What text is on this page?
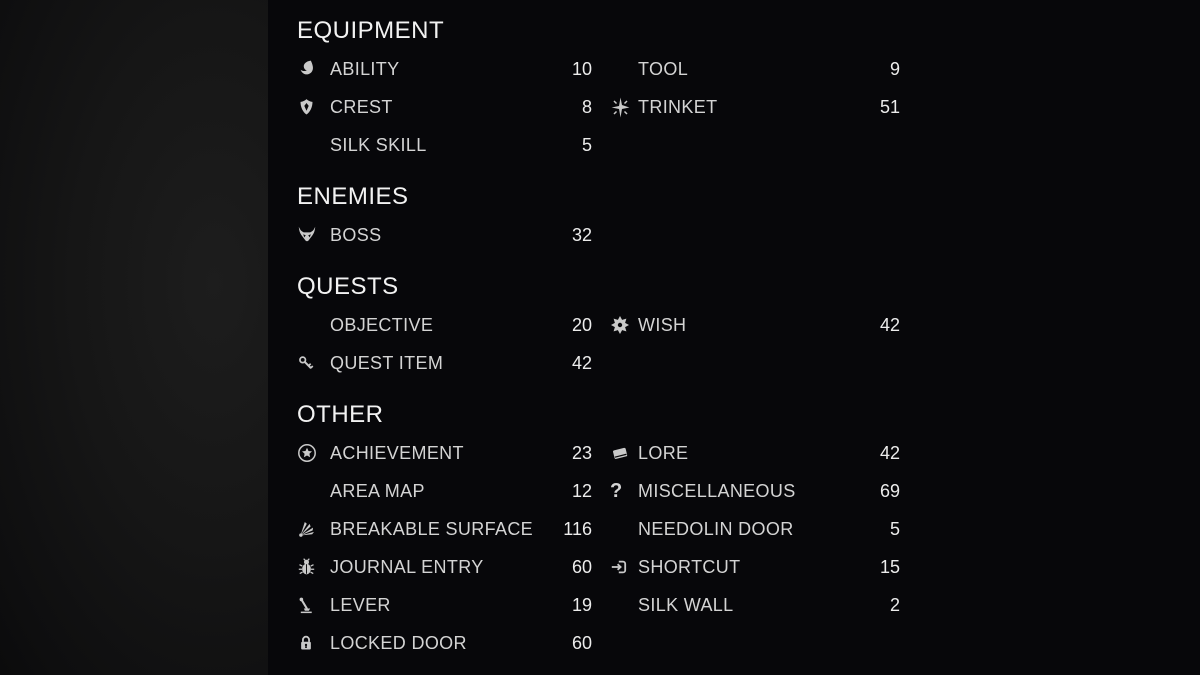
EQUIPMENT
ABILITY	10	TOOL	9
CREST	8	TRINKET	51
SILK SKILL	5
ENEMIES
BOSS	32
QUESTS
OBJECTIVE	20	WISH	42
QUEST ITEM	42
OTHER
ACHIEVEMENT	23	LORE	42
AREA MAP	12 ? MISCELLANEOUS	69
BREAKABLE SURFACE	116	NEEDOLIN DOOR	5
JOURNAL ENTRY	60	SHORTCUT	15
LEVER	19	SILK WALL	2
LOCKED DOOR	60
